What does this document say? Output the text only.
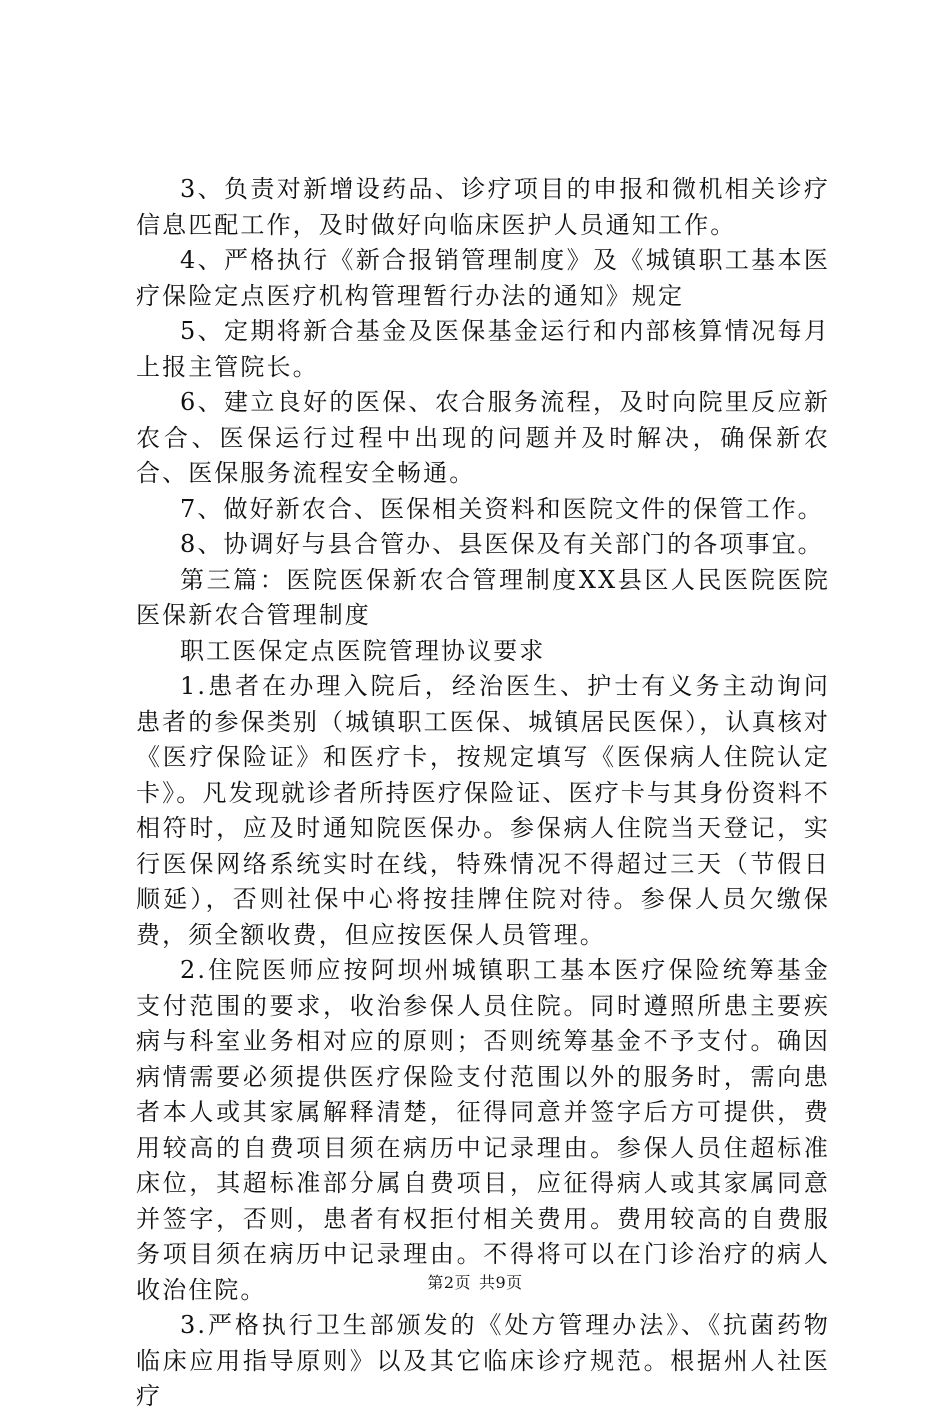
3、负责对新增设药品、诊疗项目的申报和微机相关诊疗信息匹配工作，及时做好向临床医护人员通知工作。

4、严格执行《新合报销管理制度》及《城镇职工基本医疗保险定点医疗机构管理暂行办法的通知》规定

5、定期将新合基金及医保基金运行和内部核算情况每月上报主管院长。

6、建立良好的医保、农合服务流程，及时向院里反应新农合、医保运行过程中出现的问题并及时解决，确保新农合、医保服务流程安全畅通。

7、做好新农合、医保相关资料和医院文件的保管工作。

8、协调好与县合管办、县医保及有关部门的各项事宜。

第三篇：医院医保新农合管理制度XX县区人民医院医院医保新农合管理制度

职工医保定点医院管理协议要求

1.患者在办理入院后，经治医生、护士有义务主动询问患者的参保类别（城镇职工医保、城镇居民医保），认真核对《医疗保险证》和医疗卡，按规定填写《医保病人住院认定卡》。凡发现就诊者所持医疗保险证、医疗卡与其身份资料不相符时，应及时通知院医保办。参保病人住院当天登记，实行医保网络系统实时在线，特殊情况不得超过三天（节假日顺延），否则社保中心将按挂牌住院对待。参保人员欠缴保费，须全额收费，但应按医保人员管理。

2.住院医师应按阿坝州城镇职工基本医疗保险统筹基金支付范围的要求，收治参保人员住院。同时遵照所患主要疾病与科室业务相对应的原则；否则统筹基金不予支付。确因病情需要必须提供医疗保险支付范围以外的服务时，需向患者本人或其家属解释清楚，征得同意并签字后方可提供，费用较高的自费项目须在病历中记录理由。参保人员住超标准床位，其超标准部分属自费项目，应征得病人或其家属同意并签字，否则，患者有权拒付相关费用。费用较高的自费服务项目须在病历中记录理由。不得将可以在门诊治疗的病人收治住院。

3.严格执行卫生部颁发的《处方管理办法》、《抗菌药物临床应用指导原则》以及其它临床诊疗规范。根据州人社医疗

第2页 共9页
